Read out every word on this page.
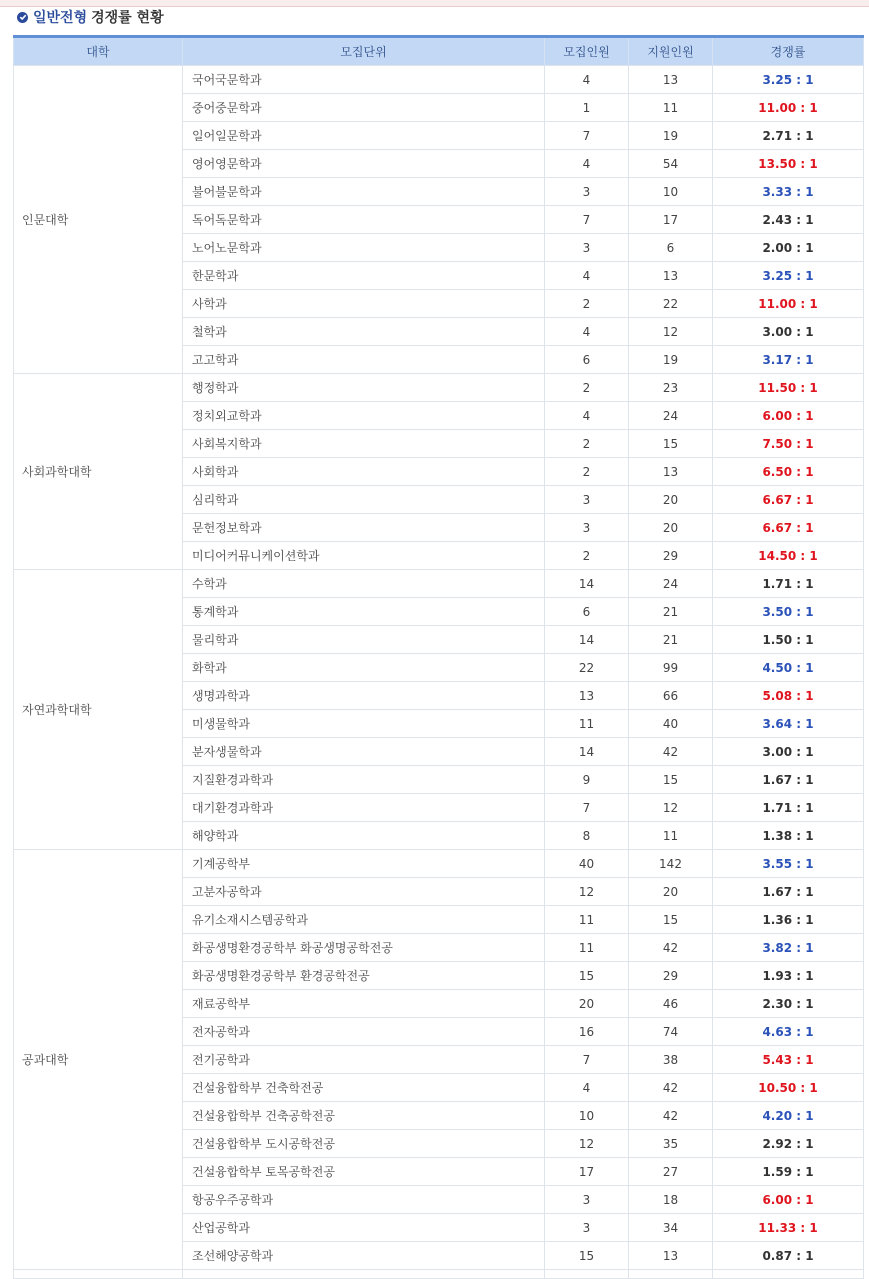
일반전형 경쟁률 현황
대학	모집단위	모집인원	지원인원	경쟁률
인문대학	국어국문학과	4	13	3.25 : 1
	중어중문학과	1	11	11.00 : 1
	일어일문학과	7	19	2.71 : 1
	영어영문학과	4	54	13.50 : 1
	불어불문학과	3	10	3.33 : 1
	독어독문학과	7	17	2.43 : 1
	노어노문학과	3	6	2.00 : 1
	한문학과	4	13	3.25 : 1
	사학과	2	22	11.00 : 1
	철학과	4	12	3.00 : 1
	고고학과	6	19	3.17 : 1
사회과학대학	행정학과	2	23	11.50 : 1
	정치외교학과	4	24	6.00 : 1
	사회복지학과	2	15	7.50 : 1
	사회학과	2	13	6.50 : 1
	심리학과	3	20	6.67 : 1
	문헌정보학과	3	20	6.67 : 1
	미디어커뮤니케이션학과	2	29	14.50 : 1
자연과학대학	수학과	14	24	1.71 : 1
	통계학과	6	21	3.50 : 1
	물리학과	14	21	1.50 : 1
	화학과	22	99	4.50 : 1
	생명과학과	13	66	5.08 : 1
	미생물학과	11	40	3.64 : 1
	분자생물학과	14	42	3.00 : 1
	지질환경과학과	9	15	1.67 : 1
	대기환경과학과	7	12	1.71 : 1
	해양학과	8	11	1.38 : 1
공과대학	기계공학부	40	142	3.55 : 1
	고분자공학과	12	20	1.67 : 1
	유기소재시스템공학과	11	15	1.36 : 1
	화공생명환경공학부 화공생명공학전공	11	42	3.82 : 1
	화공생명환경공학부 환경공학전공	15	29	1.93 : 1
	재료공학부	20	46	2.30 : 1
	전자공학과	16	74	4.63 : 1
	전기공학과	7	38	5.43 : 1
	건설융합학부 건축학전공	4	42	10.50 : 1
	건설융합학부 건축공학전공	10	42	4.20 : 1
	건설융합학부 도시공학전공	12	35	2.92 : 1
	건설융합학부 토목공학전공	17	27	1.59 : 1
	항공우주공학과	3	18	6.00 : 1
	산업공학과	3	34	11.33 : 1
	조선해양공학과	15	13	0.87 : 1
